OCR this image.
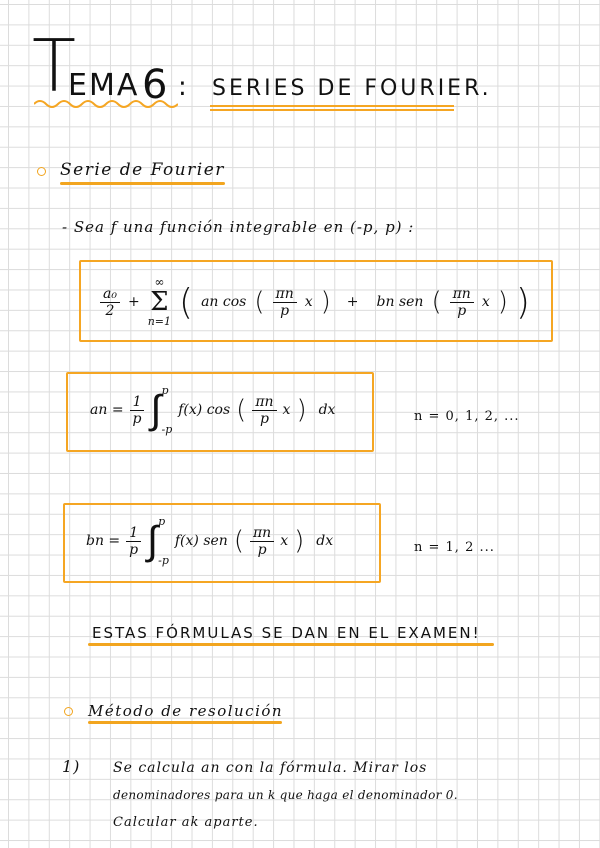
T
EMA 6 : SERIES DE FOURIER.
Serie de Fourier
- Sea f una función integrable en (-p, p) :
$\frac{\text{a₀}}{2}$ +
∞
Σ
n=1 ( an cos ( $\frac{\pi n}{p}$ x ) + bn sen ( $\frac{\pi n}{p}$ x ) )
an = $\frac{1}{p}$ ∫ p
-p
f(x) cos ( $\frac{\pi n}{p}$ x ) dx	n = 0, 1, 2, ...
bn = $\frac{1}{p}$ ∫ p
-p
f(x) sen ( $\frac{\pi n}{p}$ x ) dx	n = 1, 2 ...
ESTAS FÓRMULAS SE DAN EN EL EXAMEN!
Método de resolución
1) Se calcula an con la fórmula. Mirar los
denominadores para un k que haga el denominador 0.
Calcular ak aparte.
